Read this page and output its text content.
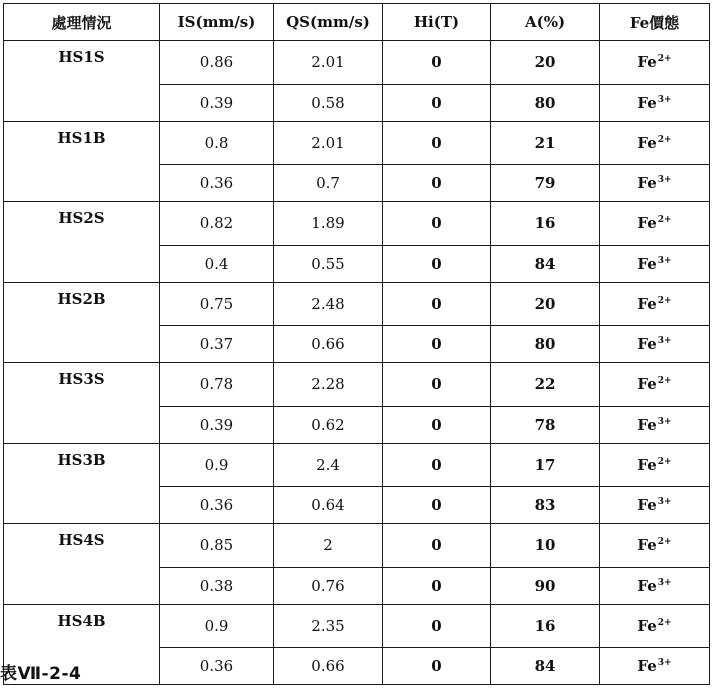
處理情況	IS(mm/s)	QS(mm/s)	Hi(T)	A(%)	Fe價態
HS1S	0.86	2.01	0	20	$Fe^{2+}$
	0.39	0.58	0	80	$Fe^{3+}$
HS1B	0.8	2.01	0	21	$Fe^{2+}$
	0.36	0.7	0	79	$Fe^{3+}$
HS2S	0.82	1.89	0	16	$Fe^{2+}$
	0.4	0.55	0	84	$Fe^{3+}$
HS2B	0.75	2.48	0	20	$Fe^{2+}$
	0.37	0.66	0	80	$Fe^{3+}$
HS3S	0.78	2.28	0	22	$Fe^{2+}$
	0.39	0.62	0	78	$Fe^{3+}$
HS3B	0.9	2.4	0	17	$Fe^{2+}$
	0.36	0.64	0	83	$Fe^{3+}$
HS4S	0.85	2	0	10	$Fe^{2+}$
	0.38	0.76	0	90	$Fe^{3+}$
HS4B	0.9	2.35	0	16	$Fe^{2+}$
	0.36	0.66	0	84	$Fe^{3+}$
表Ⅶ-2-4
